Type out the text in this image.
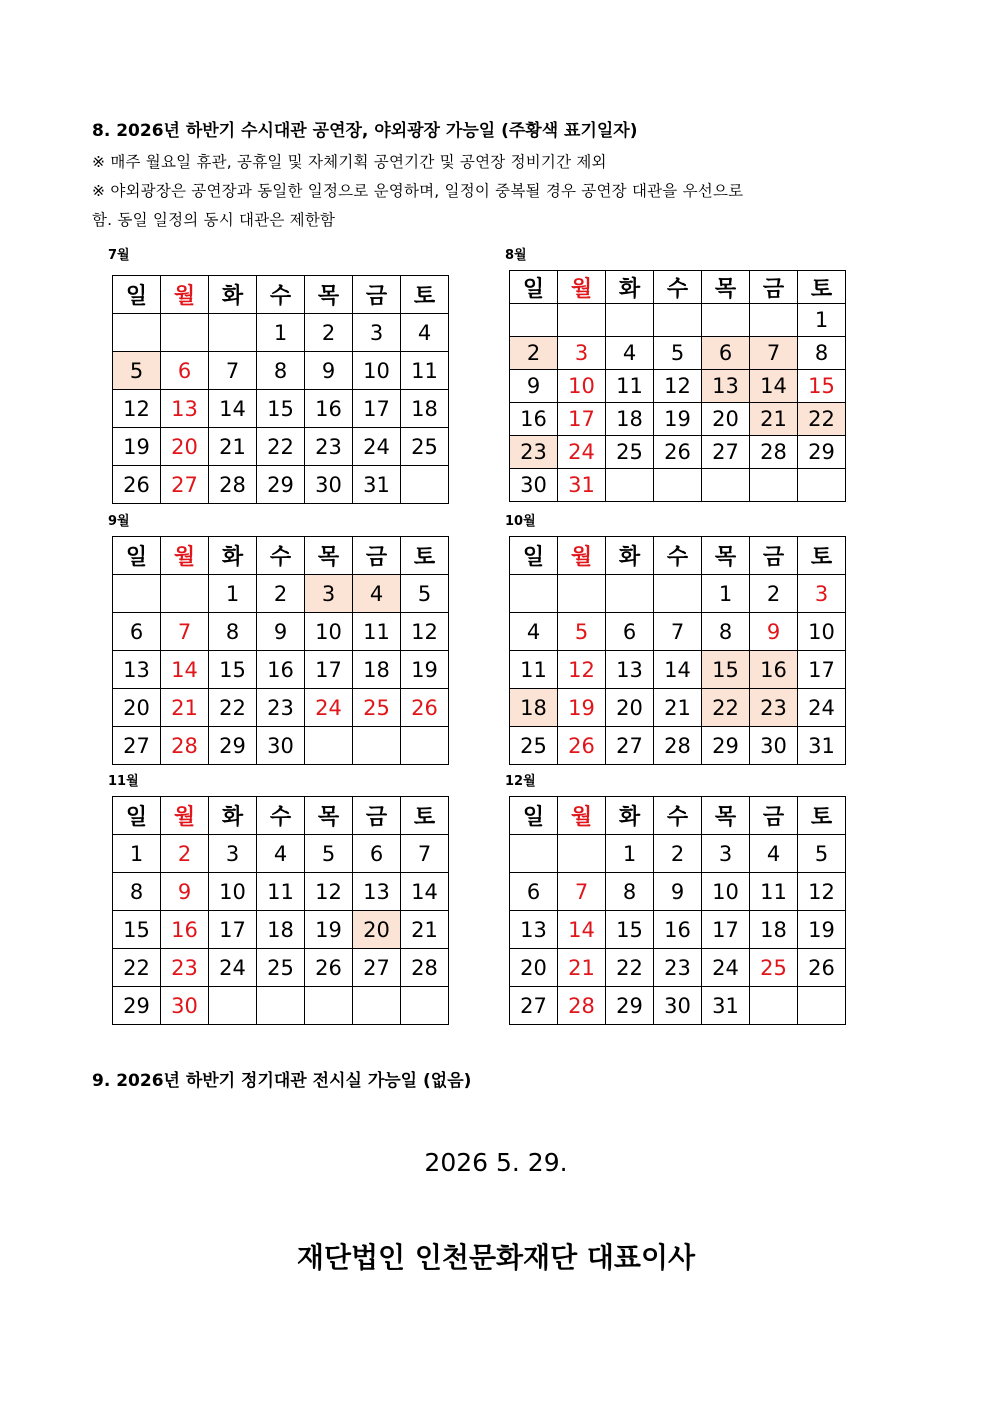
8. 2026년 하반기 수시대관 공연장, 야외광장 가능일 (주황색 표기일자)
※ 매주 월요일 휴관, 공휴일 및 자체기획 공연기간 및 공연장 정비기간 제외
※ 야외광장은 공연장과 동일한 일정으로 운영하며, 일정이 중복될 경우 공연장 대관을 우선으로
함. 동일 일정의 동시 대관은 제한함
7월
일	월	화	수	목	금	토
			1	2	3	4
5	6	7	8	9	10	11
12	13	14	15	16	17	18
19	20	21	22	23	24	25
26	27	28	29	30	31	
8월
일	월	화	수	목	금	토
						1
2	3	4	5	6	7	8
9	10	11	12	13	14	15
16	17	18	19	20	21	22
23	24	25	26	27	28	29
30	31					
9월
일	월	화	수	목	금	토
		1	2	3	4	5
6	7	8	9	10	11	12
13	14	15	16	17	18	19
20	21	22	23	24	25	26
27	28	29	30			
10월
일	월	화	수	목	금	토
				1	2	3
4	5	6	7	8	9	10
11	12	13	14	15	16	17
18	19	20	21	22	23	24
25	26	27	28	29	30	31
11월
일	월	화	수	목	금	토
1	2	3	4	5	6	7
8	9	10	11	12	13	14
15	16	17	18	19	20	21
22	23	24	25	26	27	28
29	30					
12월
일	월	화	수	목	금	토
		1	2	3	4	5
6	7	8	9	10	11	12
13	14	15	16	17	18	19
20	21	22	23	24	25	26
27	28	29	30	31		
9. 2026년 하반기 정기대관 전시실 가능일 (없음)
2026 5. 29.
재단법인 인천문화재단 대표이사
